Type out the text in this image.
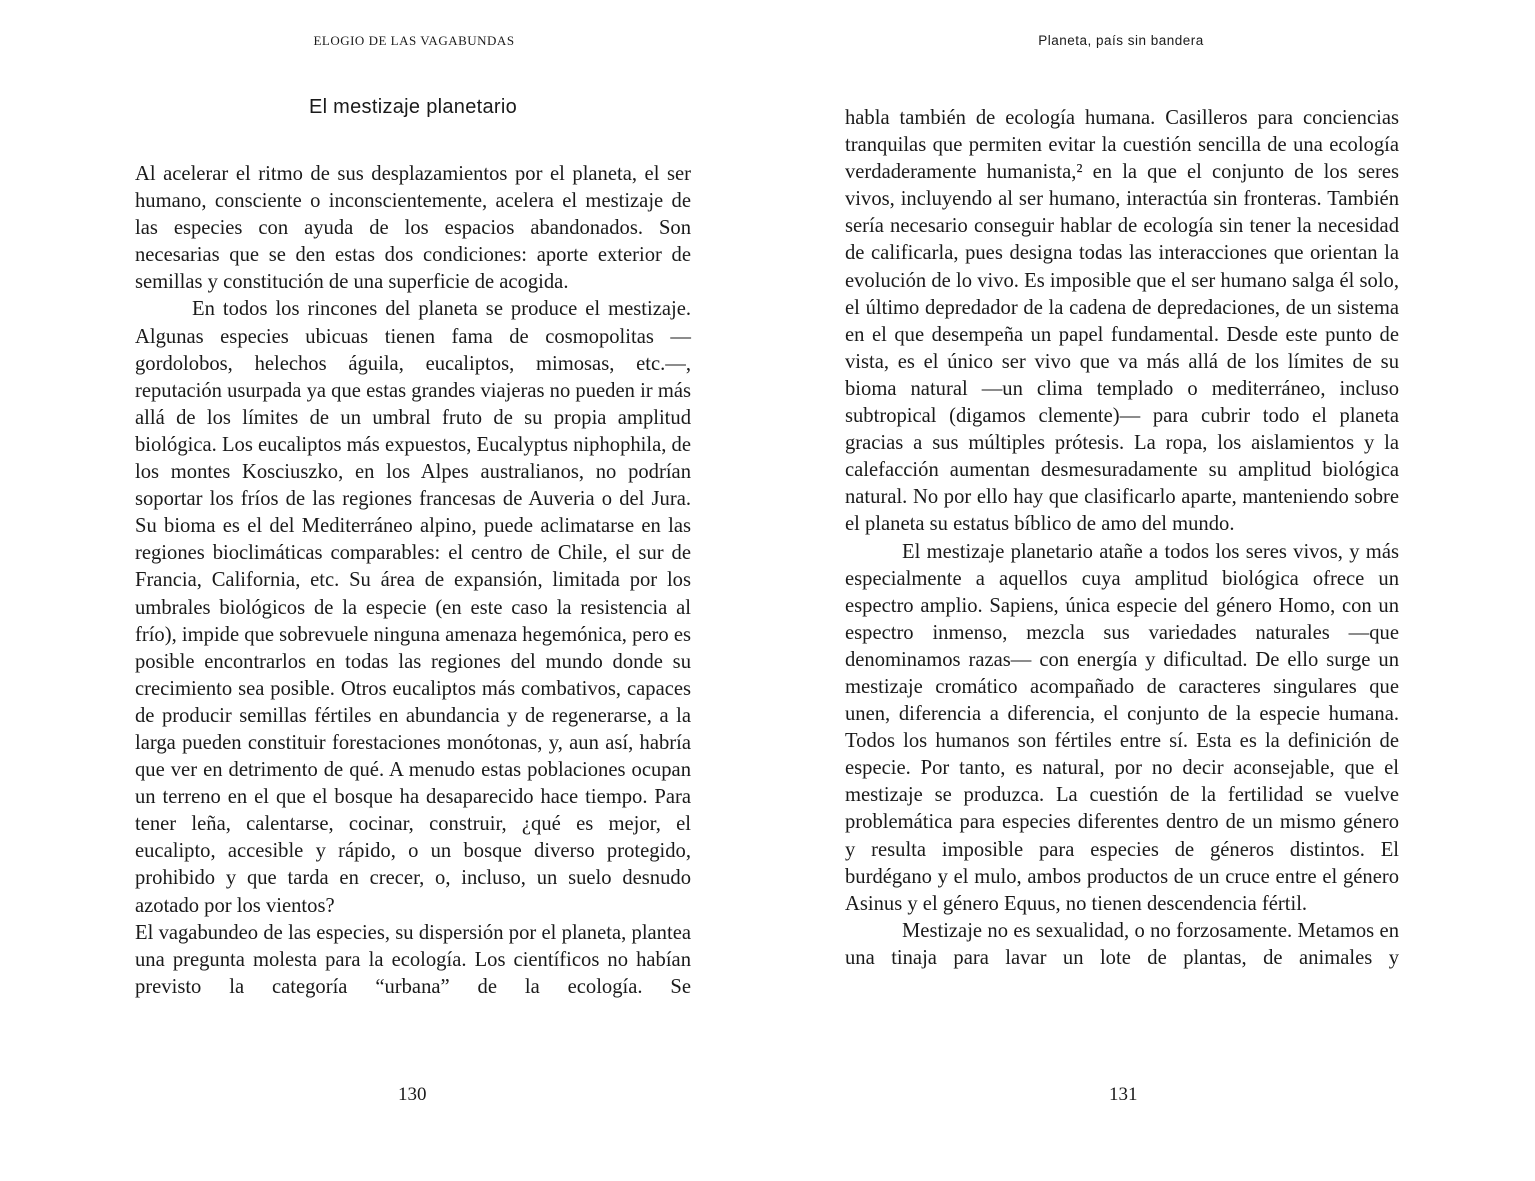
ELOGIO DE LAS VAGABUNDAS
El mestizaje planetario

Al acelerar el ritmo de sus desplazamientos por el planeta, el ser humano, consciente o inconscientemente, acelera el mestizaje de las especies con ayuda de los espacios abandonados. Son necesarias que se den estas dos condiciones: aporte exterior de semillas y constitución de una superficie de acogida.

En todos los rincones del planeta se produce el mestizaje. Algunas especies ubicuas tienen fama de cosmopolitas —gordolobos, helechos águila, eucaliptos, mimosas, etc.—, reputación usurpada ya que estas grandes viajeras no pueden ir más allá de los límites de un umbral fruto de su propia amplitud biológica. Los eucaliptos más expuestos, Eucalyptus niphophila, de los montes Kosciuszko, en los Alpes australianos, no podrían soportar los fríos de las regiones francesas de Auveria o del Jura. Su bioma es el del Mediterráneo alpino, puede aclimatarse en las regiones bioclimáticas comparables: el centro de Chile, el sur de Francia, California, etc. Su área de expansión, limitada por los umbrales biológicos de la especie (en este caso la resistencia al frío), impide que sobrevuele ninguna amenaza hegemónica, pero es posible encontrarlos en todas las regiones del mundo donde su crecimiento sea posible. Otros eucaliptos más combativos, capaces de producir semillas fértiles en abundancia y de regenerarse, a la larga pueden constituir forestaciones monótonas, y, aun así, habría que ver en detrimento de qué. A menudo estas poblaciones ocupan un terreno en el que el bosque ha desaparecido hace tiempo. Para tener leña, calentarse, cocinar, construir, ¿qué es mejor, el eucalipto, accesible y rápido, o un bosque diverso protegido, prohibido y que tarda en crecer, o, incluso, un suelo desnudo azotado por los vientos?

El vagabundeo de las especies, su dispersión por el planeta, plantea una pregunta molesta para la ecología. Los científicos no habían previsto la categoría “urbana” de la ecología. Se

130
Planeta, país sin bandera

habla también de ecología humana. Casilleros para conciencias tranquilas que permiten evitar la cuestión sencilla de una ecología verdaderamente humanista,² en la que el conjunto de los seres vivos, incluyendo al ser humano, interactúa sin fronteras. También sería necesario conseguir hablar de ecología sin tener la necesidad de calificarla, pues designa todas las interacciones que orientan la evolución de lo vivo. Es imposible que el ser humano salga él solo, el último depredador de la cadena de depredaciones, de un sistema en el que desempeña un papel fundamental. Desde este punto de vista, es el único ser vivo que va más allá de los límites de su bioma natural —un clima templado o mediterráneo, incluso subtropical (digamos clemente)— para cubrir todo el planeta gracias a sus múltiples prótesis. La ropa, los aislamientos y la calefacción aumentan desmesuradamente su amplitud biológica natural. No por ello hay que clasificarlo aparte, manteniendo sobre el planeta su estatus bíblico de amo del mundo.

El mestizaje planetario atañe a todos los seres vivos, y más especialmente a aquellos cuya amplitud biológica ofrece un espectro amplio. Sapiens, única especie del género Homo, con un espectro inmenso, mezcla sus variedades naturales —que denominamos razas— con energía y dificultad. De ello surge un mestizaje cromático acompañado de caracteres singulares que unen, diferencia a diferencia, el conjunto de la especie humana. Todos los humanos son fértiles entre sí. Esta es la definición de especie. Por tanto, es natural, por no decir aconsejable, que el mestizaje se produzca. La cuestión de la fertilidad se vuelve problemática para especies diferentes dentro de un mismo género y resulta imposible para especies de géneros distintos. El burdégano y el mulo, ambos productos de un cruce entre el género Asinus y el género Equus, no tienen descendencia fértil.

Mestizaje no es sexualidad, o no forzosamente. Metamos en una tinaja para lavar un lote de plantas, de animales y

131
